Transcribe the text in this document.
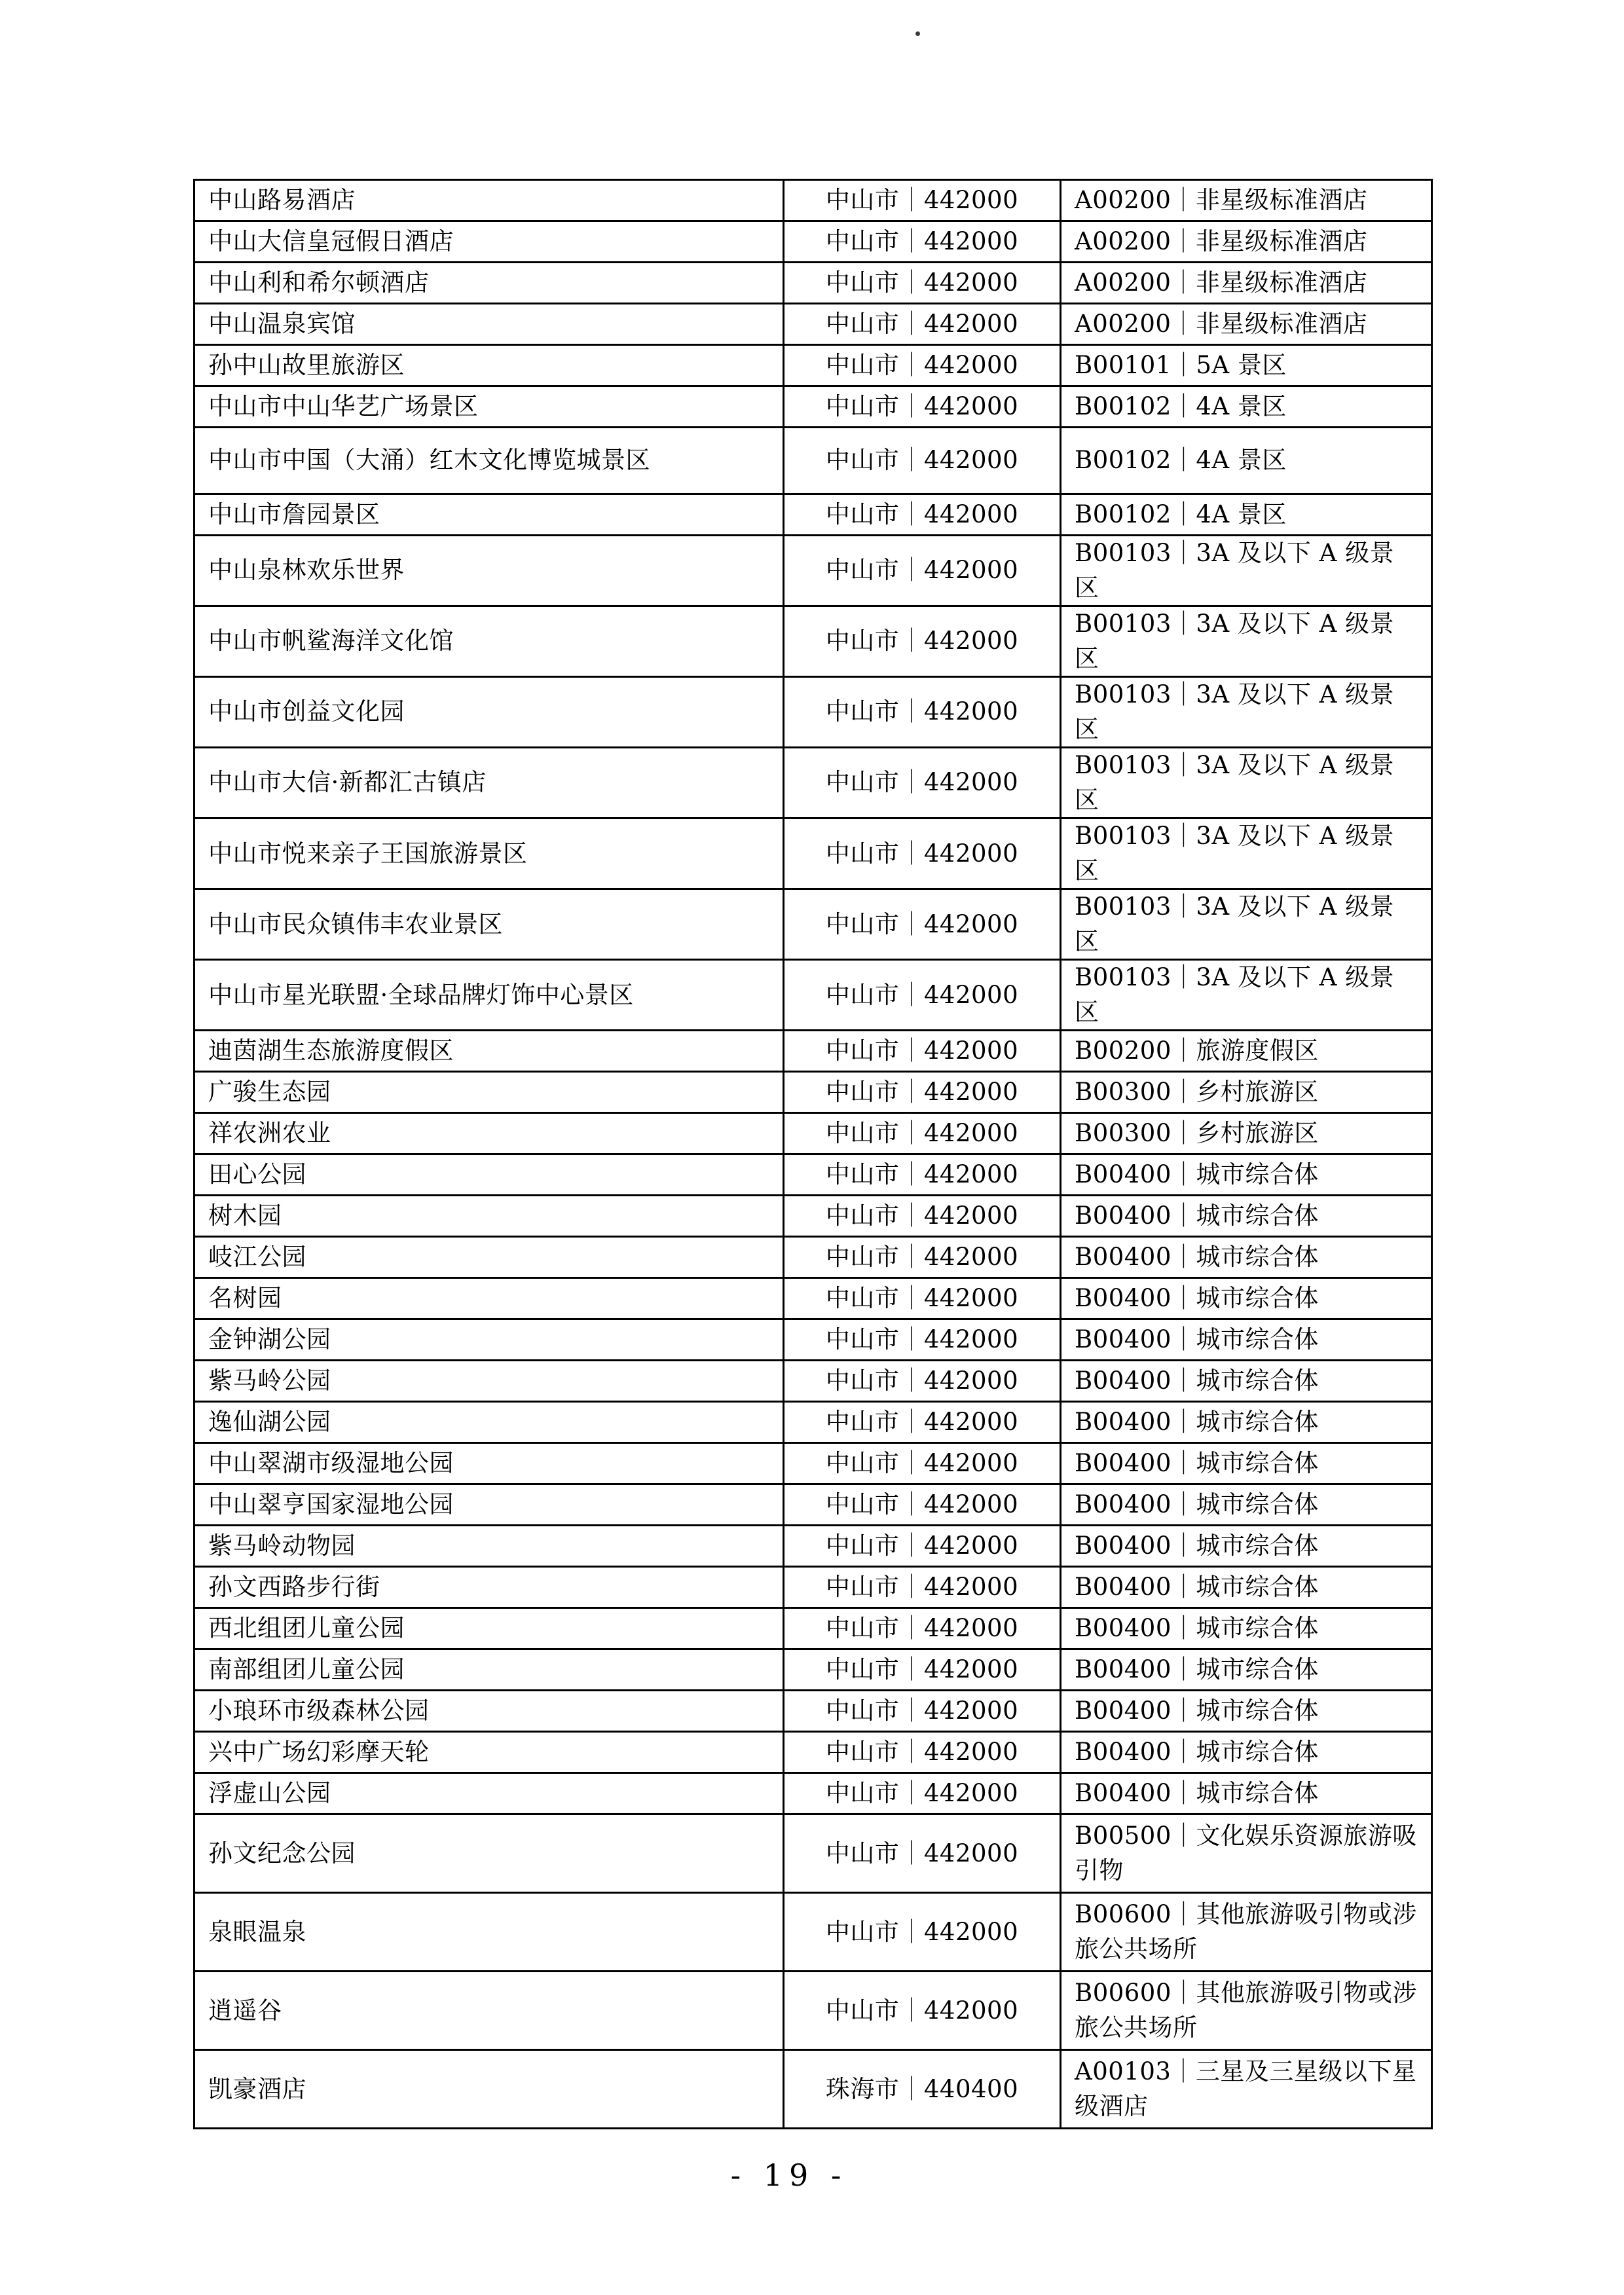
中山路易酒店	中山市｜442000	A00200｜非星级标准酒店
中山大信皇冠假日酒店	中山市｜442000	A00200｜非星级标准酒店
中山利和希尔顿酒店	中山市｜442000	A00200｜非星级标准酒店
中山温泉宾馆	中山市｜442000	A00200｜非星级标准酒店
孙中山故里旅游区	中山市｜442000	B00101｜5A 景区
中山市中山华艺广场景区	中山市｜442000	B00102｜4A 景区
中山市中国（大涌）红木文化博览城景区	中山市｜442000	B00102｜4A 景区
中山市詹园景区	中山市｜442000	B00102｜4A 景区
中山泉林欢乐世界	中山市｜442000	B00103｜3A 及以下 A 级景区
中山市帆鲨海洋文化馆	中山市｜442000	B00103｜3A 及以下 A 级景区
中山市创益文化园	中山市｜442000	B00103｜3A 及以下 A 级景区
中山市大信·新都汇古镇店	中山市｜442000	B00103｜3A 及以下 A 级景区
中山市悦来亲子王国旅游景区	中山市｜442000	B00103｜3A 及以下 A 级景区
中山市民众镇伟丰农业景区	中山市｜442000	B00103｜3A 及以下 A 级景区
中山市星光联盟·全球品牌灯饰中心景区	中山市｜442000	B00103｜3A 及以下 A 级景区
迪茵湖生态旅游度假区	中山市｜442000	B00200｜旅游度假区
广骏生态园	中山市｜442000	B00300｜乡村旅游区
祥农洲农业	中山市｜442000	B00300｜乡村旅游区
田心公园	中山市｜442000	B00400｜城市综合体
树木园	中山市｜442000	B00400｜城市综合体
岐江公园	中山市｜442000	B00400｜城市综合体
名树园	中山市｜442000	B00400｜城市综合体
金钟湖公园	中山市｜442000	B00400｜城市综合体
紫马岭公园	中山市｜442000	B00400｜城市综合体
逸仙湖公园	中山市｜442000	B00400｜城市综合体
中山翠湖市级湿地公园	中山市｜442000	B00400｜城市综合体
中山翠亨国家湿地公园	中山市｜442000	B00400｜城市综合体
紫马岭动物园	中山市｜442000	B00400｜城市综合体
孙文西路步行街	中山市｜442000	B00400｜城市综合体
西北组团儿童公园	中山市｜442000	B00400｜城市综合体
南部组团儿童公园	中山市｜442000	B00400｜城市综合体
小琅环市级森林公园	中山市｜442000	B00400｜城市综合体
兴中广场幻彩摩天轮	中山市｜442000	B00400｜城市综合体
浮虚山公园	中山市｜442000	B00400｜城市综合体
孙文纪念公园	中山市｜442000	B00500｜文化娱乐资源旅游吸引物
泉眼温泉	中山市｜442000	B00600｜其他旅游吸引物或涉旅公共场所
逍遥谷	中山市｜442000	B00600｜其他旅游吸引物或涉旅公共场所
凯豪酒店	珠海市｜440400	A00103｜三星及三星级以下星级酒店
- 19 -
